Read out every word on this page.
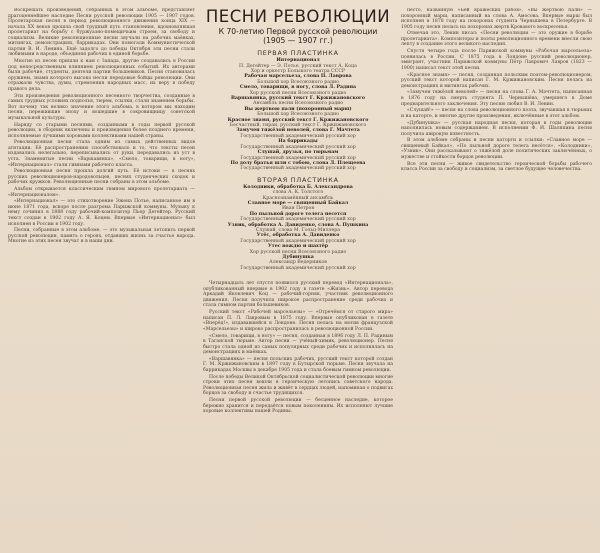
Воскрешать произведений, собранных в этом альбоме, представляет драгоценнейшее наследие Песни русской революции 1905 — 1907 годов. Пролетарская песня в период революционного движения конца XIX — начала XX веков прошла свой трудный путь становления, вдохновлявшая пролетариат на борьбу с буржуазно-помещичьим строем, за свободу и социализм. Великие революционные песни звучали на рабочих маёвках, митингах, демонстрациях, баррикадах. Они помогали Коммунистической партии В. И. Ленина. Ещё задолго до победы Октября эти песни стали любимыми в народе, объединяя рабочих в единой борьбе.

Многие из песен пришли к нам с Запада, другие создавались в России под непосредственным влиянием революционных событий. Их авторами были рабочие, студенты, деятели партии большевиков. Песня становилась оружием, знамя которого высоко несли передовые бойцы революции. Они отражали чувства, думы, стремления народных масс, их веру в победу правого дела.

Эти произведения революционного песенного творчества, созданные в самых трудных условиях подполья, тюрем, ссылки, стали знаменем борьбы. Вот почему так велико значение этого альбома, в котором мы находим песни, пережившие эпоху и вошедшие в сокровищницу советской музыкальной культуры.

Наряду со старыми песнями, созданными в годы первой русской революции, в сборник включены и произведения более позднего времени, исполняемые лучшими хоровыми коллективами нашей страны.

Революционная песня стала одним из самых действенных видов агитации. Её распространению способствовало и то, что тексты песен издавались нелегально, переписывались от руки, передавались из уст в уста. Знаменитые песни «Варшавянка», «Смело, товарищи, в ногу», «Интернационал» стали гимнами рабочего класса.

Революционная песня прошла долгий путь. Её истоки — в песнях русских революционеров-народовольцев, песнях студенческих сходок и рабочих кружков. Революционные песни собраны в этом альбоме.

Альбом открывается классическим гимном мирового пролетариата — «Интернационалом».

«Интернационал» — это стихотворение Эжена Потье, написанное им в июне 1871 года, вскоре после разгрома Парижской коммуны. Музыку к нему сочинил в 1888 году рабочий-композитор Пьер Дегейтер. Русский текст создан в 1902 году А. Я. Коцем. Впервые «Интернационал» был исполнен в России в 1902 году.

Песни, собранные в этом альбоме, — это музыкальная летопись первой русской революции, память о героях, отдавших жизнь за счастье народа. Многие из этих песен звучат и в наши дни.

ПЕСНИ РЕВОЛЮЦИИ
К 70-летию Первой русской революции
(1905 — 1907 гг.)
ПЕРВАЯ ПЛАСТИНКА
Интернационал
П. Дегейтер — Э. Потье, русский текст А. Коца
Хор и оркестр Большого театра СССР
Рабочая марсельеза, слова П. Лаврова
Большой хор Всесоюзного радио
Смело, товарищи, в ногу, слова Л. Радина
Хор русской песни Всесоюзного радио
Варшавянка, русский текст Г. Кржижановского
Ансамбль песни Всесоюзного радио
Вы жертвою пали (похоронный марш)
Большой хор Всесоюзного радио
Красное знамя, русский текст Г. Кржижановского
Бесчастный, тиран, русский текст Г. Кржижановского
Замучен тяжёлой неволей, слова Г. Мачтета
Государственный академический русский хор
На баррикады
Государственный академический русский хор
Слушай, друзья, по тюрьмам
Государственный академический русский хор
По долу братья шли с тобою, слова Л. Плещеева
Государственный академический русский хор
ВТОРАЯ ПЛАСТИНКА
Колодники, обработка Б. Александрова
слова А. К. Толстого
Краснознамённый ансамбль
Славное море — священный Байкал
Иван Петров
По пыльной дороге телега несется
Государственный академический русский хор
Узник, обработка А. Давиденко, слова А. Пушкина
Слушай, слова М. Гольц-Миллера
Утёс, обработка А. Давиденко
Государственный академический русский хор
Утес вождю и шахтёр
Хор русской песни Всесоюзного радио
Дубинушка
Александр Ведерников
Государственный академический русский хор

Четырнадцать лет спустя появился русский перевод «Интернационала», опубликованный впервые в 1902 году в газете «Жизнь». Автор перевода Аркадий Яковлевич Коц — рабочий-горняк, участник революционного движения. Песня получила широкое распространение среди рабочих и стала гимном партии большевиков.

Русский текст «Рабочей марсельезы» — «Отречёмся от старого мира» написан П. Л. Лавровым в 1875 году. Впервые опубликован в газете «Вперёд!», издававшейся в Лондоне. Песня пелась на мотив французской «Марсельезы» и широко распространилась в революционной России.

«Смело, товарищи, в ногу» — песня, созданная в 1896 году Л. П. Радиным в Таганской тюрьме. Автор песни — учёный-химик, революционер. Песня быстро стала одной из самых популярных среди рабочих и исполнялась на демонстрациях и маёвках.

«Варшавянка» — песня польских рабочих, русский текст которой создан Г. М. Кржижановским в 1897 году в Бутырской тюрьме. Песня звучала на баррикадах Москвы в декабре 1905 года и стала боевым гимном революции.

После победы Великой Октябрьской социалистической революции многие строки этих песен вошли в героическую летопись советского народа. Революционная песня жила и живёт в сердцах людей, напоминая о подвигах борцов за свободу и счастье трудящихся.

Песни первой русской революции — бесценное наследие, которое бережно хранится и передаётся новым поколениям. Их исполняют лучшие хоровые коллективы нашей Родины.

песто, названную «Бей вражеских рабов», «Вы жертвою пали» — похоронный марш, написанный на слова А. Амосова. Впервые марш был исполнен в 1878 году на похоронах студента Чернышева в Петербурге. В 1905 году песня пелась на похоронах жертв Кровавого воскресенья.

Отмечая это, Ленин писал: «Песни революции — это оружие в борьбе пролетариата». Композиторы и поэты революционного времени внесли свою лепту в создание этого великого наследия.

Спустя четыре года после Парижской коммуны «Рабочая марсельеза» появилась в России. С 1875 года в Лондоне русский революционер, эмигрант, участник Парижской коммуны Пётр Лаврович Лавров (1823 — 1900) написал текст этой песни.

«Красное знамя» — песня, созданная польским поэтом-революционером, русский текст которой написан Г. М. Кржижановским. Песня пелась на демонстрациях и митингах рабочих.

«Замучен тяжёлой неволей» — песня на слова Г. А. Мачтета, написанная в 1876 году на смерть студента П. Чернышёва, умершего в Доме предварительного заключения. Эту песню любил В. И. Ленин.

«Слушай!» — песня на слова революционного поэта, звучавшая в тюрьмах и на каторге, и многие другие произведения, включённые в этот альбом.

«Дубинушка» — русская народная песня, которая в годы революции наполнилась новым содержанием. В исполнении Ф. И. Шаляпина песня получила широкую известность.

В этом альбоме собраны и песни каторги и ссылки: «Славное море — священный Байкал», «По пыльной дороге телега несётся», «Колодники», «Узник». Они рассказывают о тяжёлой доле политических заключённых, о мужестве и стойкости борцов революции.

Все эти песни — живое свидетельство героической борьбы рабочего класса России за свободу и социализм, за светлое будущее человечества.
